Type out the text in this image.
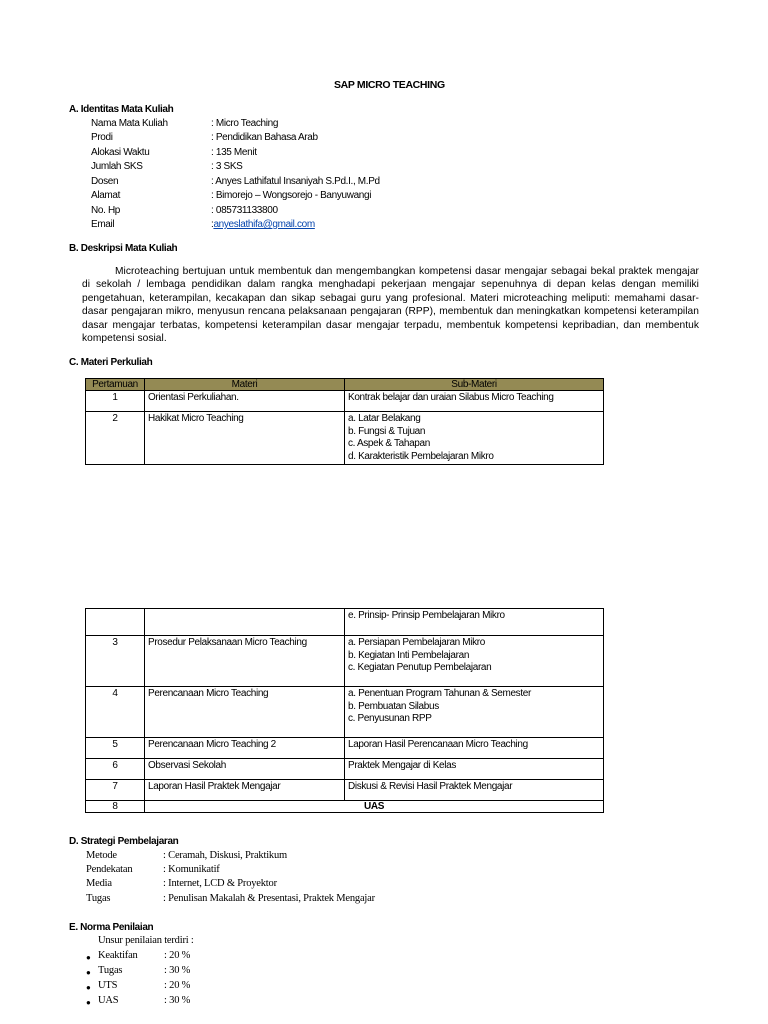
SAP MICRO TEACHING
A. Identitas Mata Kuliah
Nama Mata Kuliah	: Micro Teaching
Prodi	: Pendidikan Bahasa Arab
Alokasi Waktu	: 135 Menit
Jumlah SKS	: 3 SKS
Dosen	: Anyes Lathifatul Insaniyah S.Pd.I., M.Pd
Alamat	: Bimorejo – Wongsorejo - Banyuwangi
No. Hp	: 085731133800
Email	:anyeslathifa@gmail.com
B. Deskripsi Mata Kuliah
Microteaching bertujuan untuk membentuk dan mengembangkan kompetensi dasar mengajar sebagai bekal praktek mengajar di sekolah / lembaga pendidikan dalam rangka menghadapi pekerjaan mengajar sepenuhnya di depan kelas dengan memiliki pengetahuan, keterampilan, kecakapan dan sikap sebagai guru yang profesional. Materi microteaching meliputi: memahami dasar-dasar pengajaran mikro, menyusun rencana pelaksanaan pengajaran (RPP), membentuk dan meningkatkan kompetensi keterampilan dasar mengajar terbatas, kompetensi keterampilan dasar mengajar terpadu, membentuk kompetensi kepribadian, dan membentuk kompetensi sosial.
C. Materi Perkuliah
Pertamuan	Materi	Sub-Materi
1	Orientasi Perkuliahan.	Kontrak belajar dan uraian Silabus Micro Teaching

2	Hakikat Micro Teaching	a. Latar Belakang
b. Fungsi & Tujuan
c. Aspek & Tahapan
d. Karakteristik Pembelajaran Mikro

		e. Prinsip- Prinsip Pembelajaran Mikro

3	Prosedur Pelaksanaan Micro Teaching	a. Persiapan Pembelajaran Mikro
b. Kegiatan Inti Pembelajaran
c. Kegiatan Penutup Pembelajaran

4	Perencanaan Micro Teaching	a. Penentuan Program Tahunan & Semester
b. Pembuatan Silabus
c. Penyusunan RPP

5	Perencanaan Micro Teaching 2	Laporan Hasil Perencanaan Micro Teaching

6	Observasi Sekolah	Praktek Mengajar di Kelas

7	Laporan Hasil Praktek Mengajar	Diskusi & Revisi Hasil Praktek Mengajar

8	UAS	
D. Strategi Pembelajaran
Metode	: Ceramah, Diskusi, Praktikum
Pendekatan	: Komunikatif
Media	: Internet, LCD & Proyektor
Tugas	: Penulisan Makalah & Presentasi, Praktek Mengajar
E. Norma Penilaian
Unsur penilaian terdiri :
● Keaktifan	: 20 %
● Tugas	: 30 %
● UTS	: 20 %
● UAS	: 30 %
